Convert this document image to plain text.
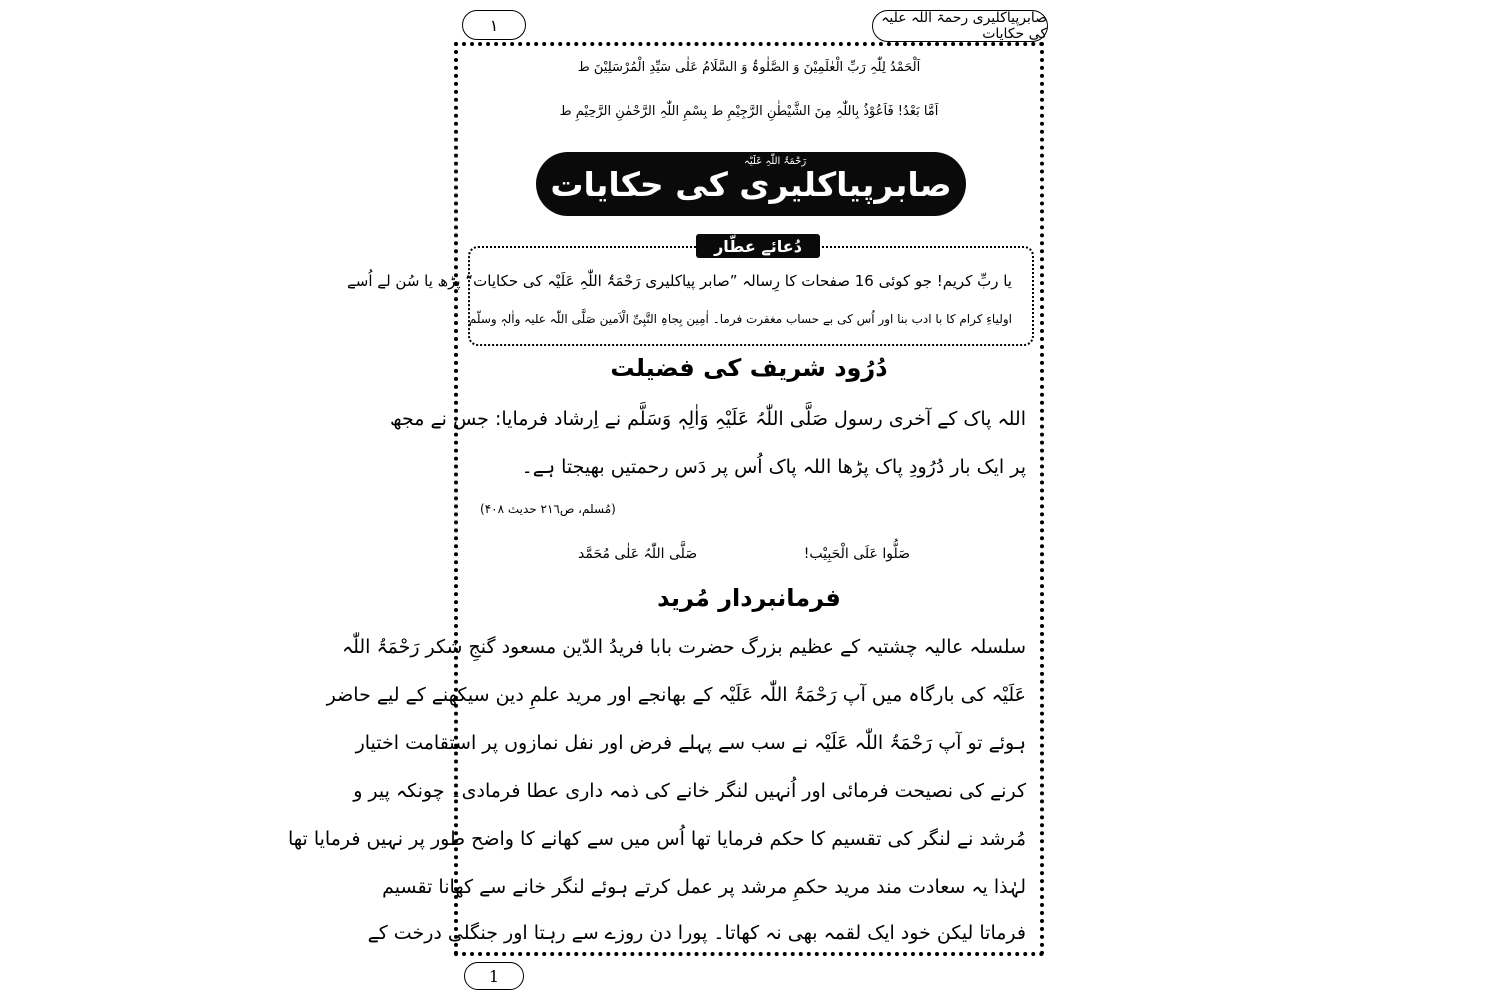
۱	صابرپیاکلیری رحمۃ اللہ علیہ کی حکایات
اَلْحَمْدُ لِلّٰہِ رَبِّ الْعٰلَمِیْنَ وَ الصَّلٰوۃُ وَ السَّلَامُ عَلٰی سَیِّدِ الْمُرْسَلِیْنَ ط
اَمَّا بَعْدُ! فَاَعُوْذُ بِاللّٰہِ مِنَ الشَّیْطٰنِ الرَّجِیْمِ ط بِسْمِ اللّٰہِ الرَّحْمٰنِ الرَّحِیْمِ ط
صابرپیاکلیری کی حکایات
رَحْمَۃُ اللّٰہِ عَلَیْہ
دُعائے عطّار
یا ربِّ کریم! جو کوئی 16 صفحات کا رِسالہ ”صابر پیاکلیری رَحْمَۃُ اللّٰہِ عَلَیْہ کی حکایات“ پڑھ یا سُن لے اُسے
اولیاءِ کرام کا با ادب بنا اور اُس کی بے حساب مغفرت فرما۔ اٰمِین بِجاہِ النَّبِیِّ الْاَمین صَلَّی اللّٰہ علیہ واٰلہٖ وسلّم
دُرُود شریف کی فضیلت
اللہ پاک کے آخری رسول صَلَّی اللّٰہُ عَلَیْہِ وَاٰلِہٖ وَسَلَّم نے اِرشاد فرمایا: جس نے مجھ
پر ایک بار دُرُودِ پاک پڑھا اللہ پاک اُس پر دَس رحمتیں بھیجتا ہے۔
(مُسلم، ص۲۱٦ حدیث ۴۰۸)
صَلُّوا عَلَی الْحَبِیْب!
صَلَّی اللّٰہُ عَلٰی مُحَمَّد
فرمانبردار مُرید
سلسلہ عالیہ چشتیہ کے عظیم بزرگ حضرت بابا فریدُ الدّین مسعود گنجِ شکر رَحْمَۃُ اللّٰہ
عَلَیْہ کی بارگاہ میں آپ رَحْمَۃُ اللّٰہ عَلَیْہ کے بھانجے اور مرید علمِ دین سیکھنے کے لیے حاضر
ہوئے تو آپ رَحْمَۃُ اللّٰہ عَلَیْہ نے سب سے پہلے فرض اور نفل نمازوں پر استقامت اختیار
کرنے کی نصیحت فرمائی اور اُنہیں لنگر خانے کی ذمہ داری عطا فرمادی۔ چونکہ پیر و
مُرشد نے لنگر کی تقسیم کا حکم فرمایا تھا اُس میں سے کھانے کا واضح طور پر نہیں فرمایا تھا
لہٰذا یہ سعادت مند مرید حکمِ مرشد پر عمل کرتے ہوئے لنگر خانے سے کھانا تقسیم
فرماتا لیکن خود ایک لقمہ بھی نہ کھاتا۔ پورا دن روزے سے رہتا اور جنگلی درخت کے
1
